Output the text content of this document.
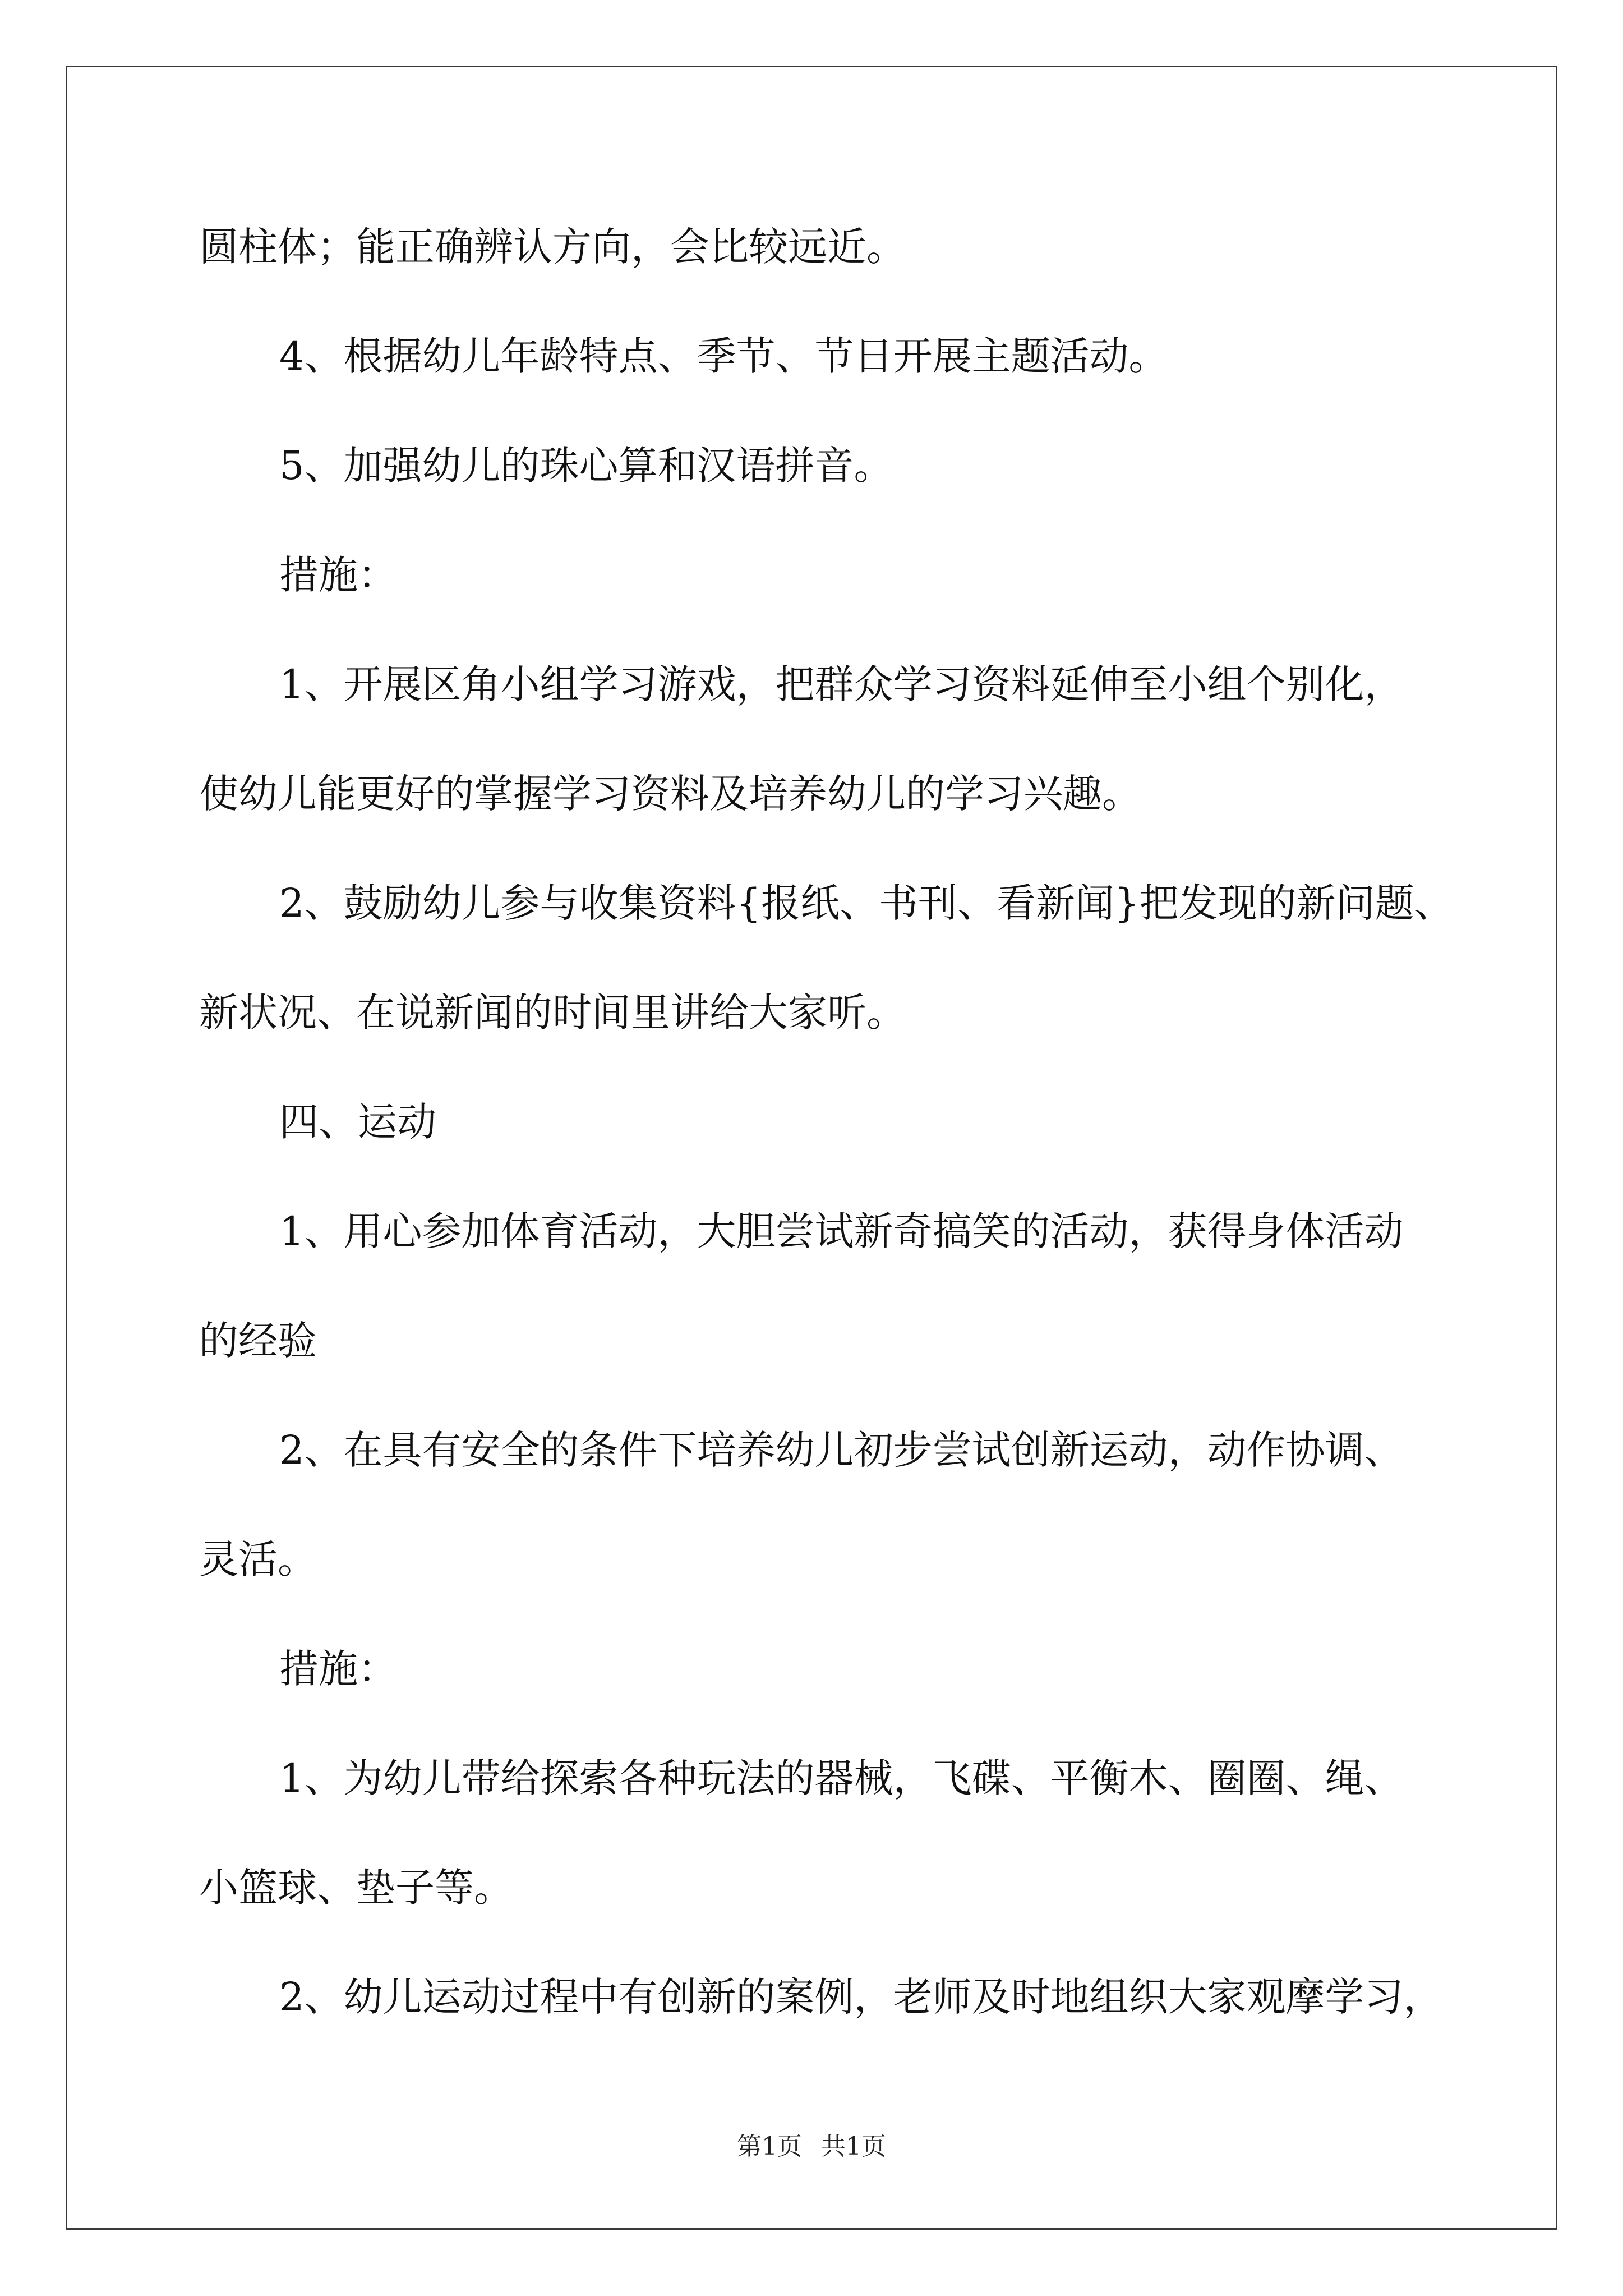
圆柱体；能正确辨认方向，会比较远近。
4、根据幼儿年龄特点、季节、节日开展主题活动。
5、加强幼儿的珠心算和汉语拼音。
措施：
1、开展区角小组学习游戏，把群众学习资料延伸至小组个别化，
使幼儿能更好的掌握学习资料及培养幼儿的学习兴趣。
2、鼓励幼儿参与收集资料{报纸、书刊、看新闻}把发现的新问题、
新状况、在说新闻的时间里讲给大家听。
四、运动
1、用心参加体育活动，大胆尝试新奇搞笑的活动，获得身体活动
的经验
2、在具有安全的条件下培养幼儿初步尝试创新运动，动作协调、
灵活。
措施：
1、为幼儿带给探索各种玩法的器械，飞碟、平衡木、圈圈、绳、
小篮球、垫子等。
2、幼儿运动过程中有创新的案例，老师及时地组织大家观摩学习，
第1页 共1页
